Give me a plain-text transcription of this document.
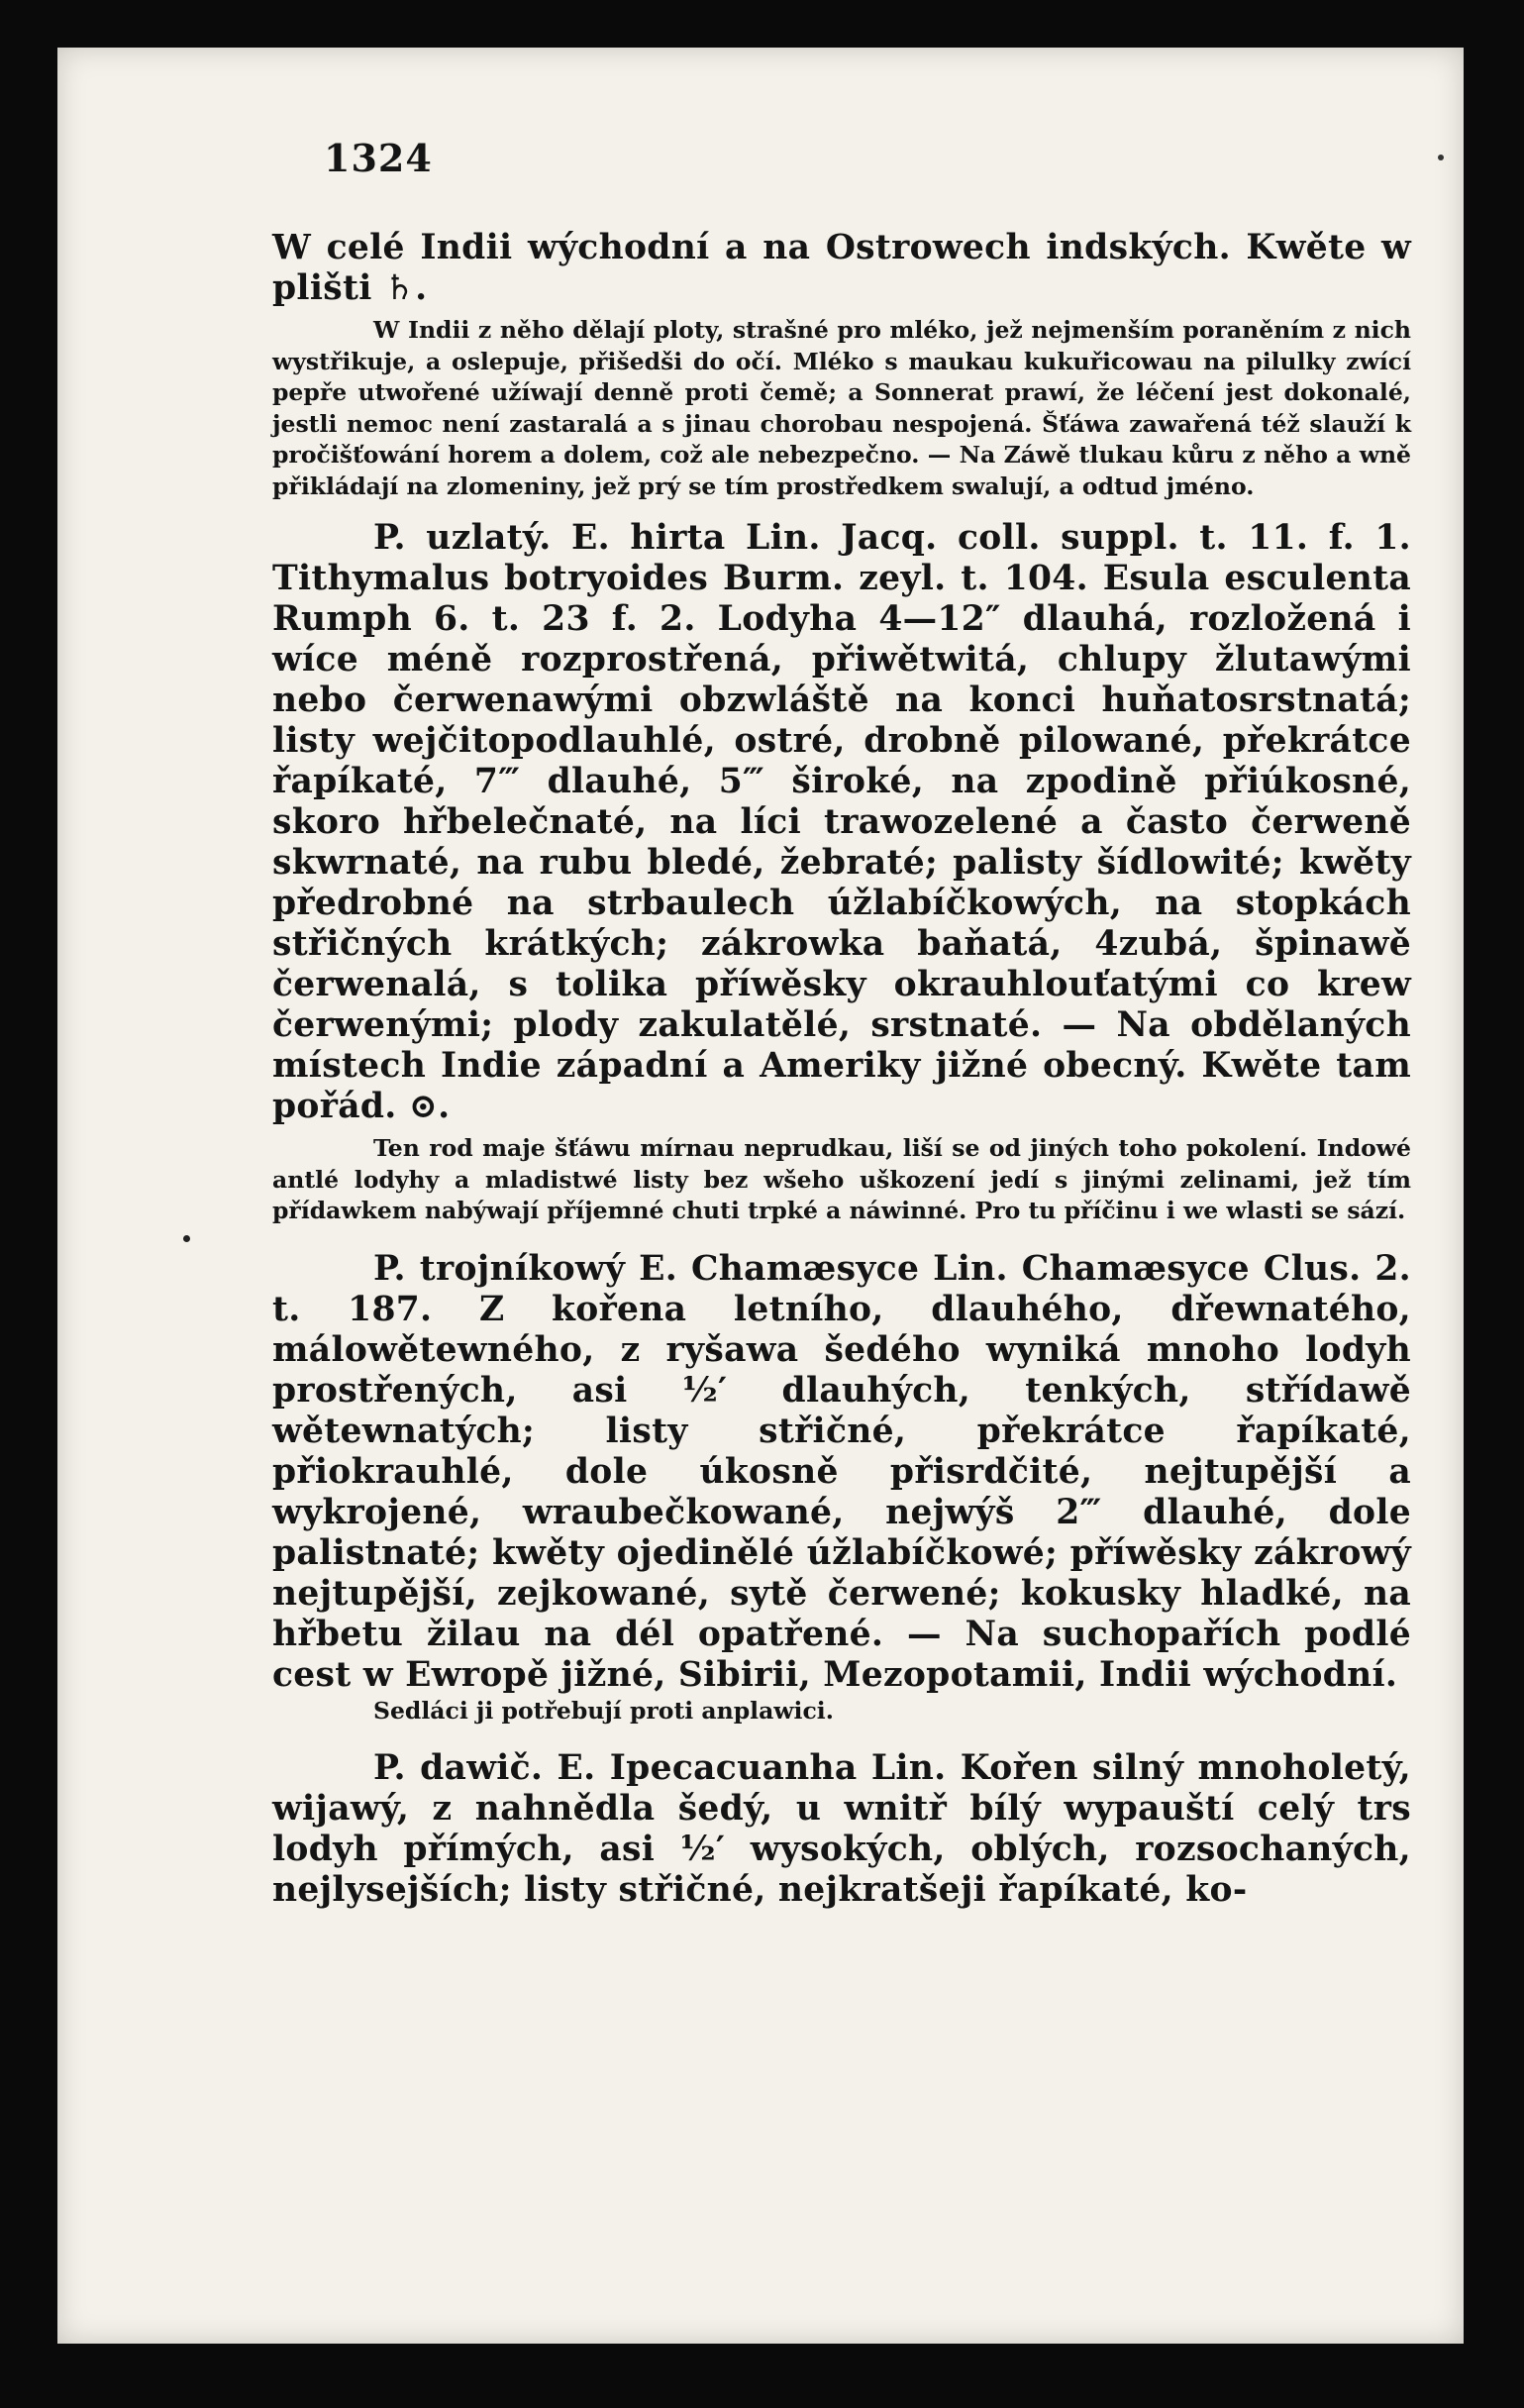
1324

W celé Indii wýchodní a na Ostrowech indských. Kwěte w plišti ♄.

W Indii z něho dělají ploty, strašné pro mléko, jež nejmenším poraněním z nich wystřikuje, a oslepuje, přišedši do očí. Mléko s maukau kukuřicowau na pilulky zwící pepře utwořené užíwají denně proti čemě; a Sonnerat prawí, že léčení jest dokonalé, jestli nemoc není zastaralá a s jinau chorobau nespojená. Šťáwa zawařená též slauží k pročišťowání horem a dolem, což ale nebezpečno. — Na Záwě tlukau kůru z něho a wně přikládají na zlomeniny, jež prý se tím prostředkem swalují, a odtud jméno.

P. uzlatý. E. hirta Lin. Jacq. coll. suppl. t. 11. f. 1. Tithymalus botryoides Burm. zeyl. t. 104. Esula esculenta Rumph 6. t. 23 f. 2. Lodyha 4—12″ dlauhá, rozložená i wíce méně rozprostřená, přiwětwitá, chlupy žlutawými nebo čerwenawými obzwláště na konci huňatosrstnatá; listy wejčitopodlauhlé, ostré, drobně pilowané, překrátce řapíkaté, 7‴ dlauhé, 5‴ široké, na zpodině přiúkosné, skoro hřbelečnaté, na líci trawozelené a často čerweně skwrnaté, na rubu bledé, žebraté; palisty šídlowité; kwěty předrobné na strbaulech úžlabíčkowých, na stopkách střičných krátkých; zákrowka baňatá, 4zubá, špinawě čerwenalá, s tolika příwěsky okrauhlouťatými co krew čerwenými; plody zakulatělé, srstnaté. — Na obdělaných místech Indie západní a Ameriky jižné obecný. Kwěte tam pořád. ⊙.

Ten rod maje šťáwu mírnau neprudkau, liší se od jiných toho pokolení. Indowé antlé lodyhy a mladistwé listy bez wšeho uškození jedí s jinými zelinami, jež tím přídawkem nabýwají příjemné chuti trpké a náwinné. Pro tu příčinu i we wlasti se sází.

P. trojníkowý E. Chamæsyce Lin. Chamæsyce Clus. 2. t. 187. Z kořena letního, dlauhého, dřewnatého, málowětewného, z ryšawa šedého wyniká mnoho lodyh prostřených, asi ½′ dlauhých, tenkých, střídawě wětewnatých; listy střičné, překrátce řapíkaté, přiokrauhlé, dole úkosně přisrdčité, nejtupější a wykrojené, wraubečkowané, nejwýš 2‴ dlauhé, dole palistnaté; kwěty ojedinělé úžlabíčkowé; příwěsky zákrowý nejtupější, zejkowané, sytě čerwené; kokusky hladké, na hřbetu žilau na dél opatřené. — Na suchopařích podlé cest w Ewropě jižné, Sibirii, Mezopotamii, Indii wýchodní.

Sedláci ji potřebují proti anplawici.

P. dawič. E. Ipecacuanha Lin. Kořen silný mnoholetý, wijawý, z nahnědla šedý, u wnitř bílý wypauští celý trs lodyh přímých, asi ½′ wysokých, oblých, rozsochaných, nejlysejších; listy střičné, nejkratšeji řapíkaté, ko-
